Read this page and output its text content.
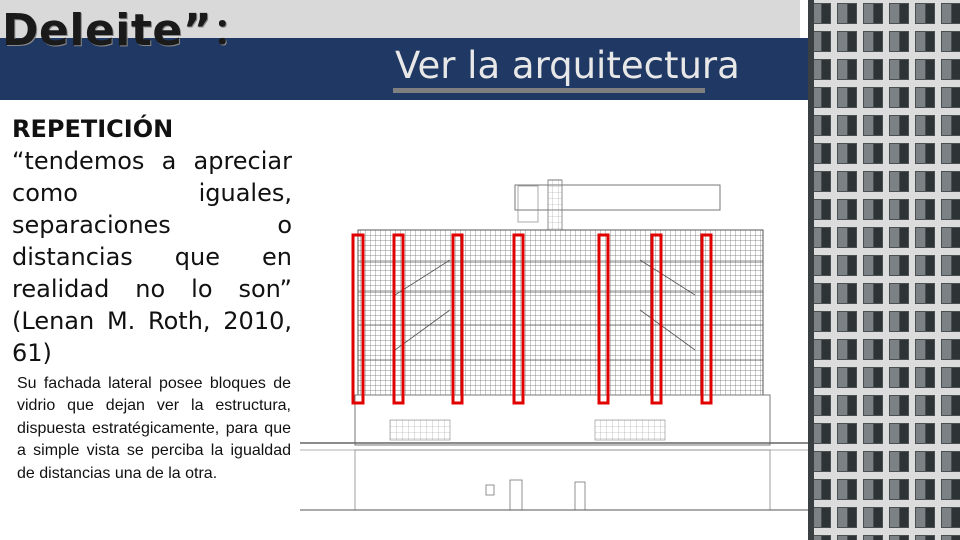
Deleite”：
Ver la arquitectura
REPETICIÓN
“tendemos a apreciar como iguales, separaciones o distancias que en realidad no lo son” (Lenan M. Roth, 2010, 61)
Su fachada lateral posee bloques de vidrio que dejan ver la estructura, dispuesta estratégicamente, para que a simple vista se perciba la igualdad de distancias una de la otra.
